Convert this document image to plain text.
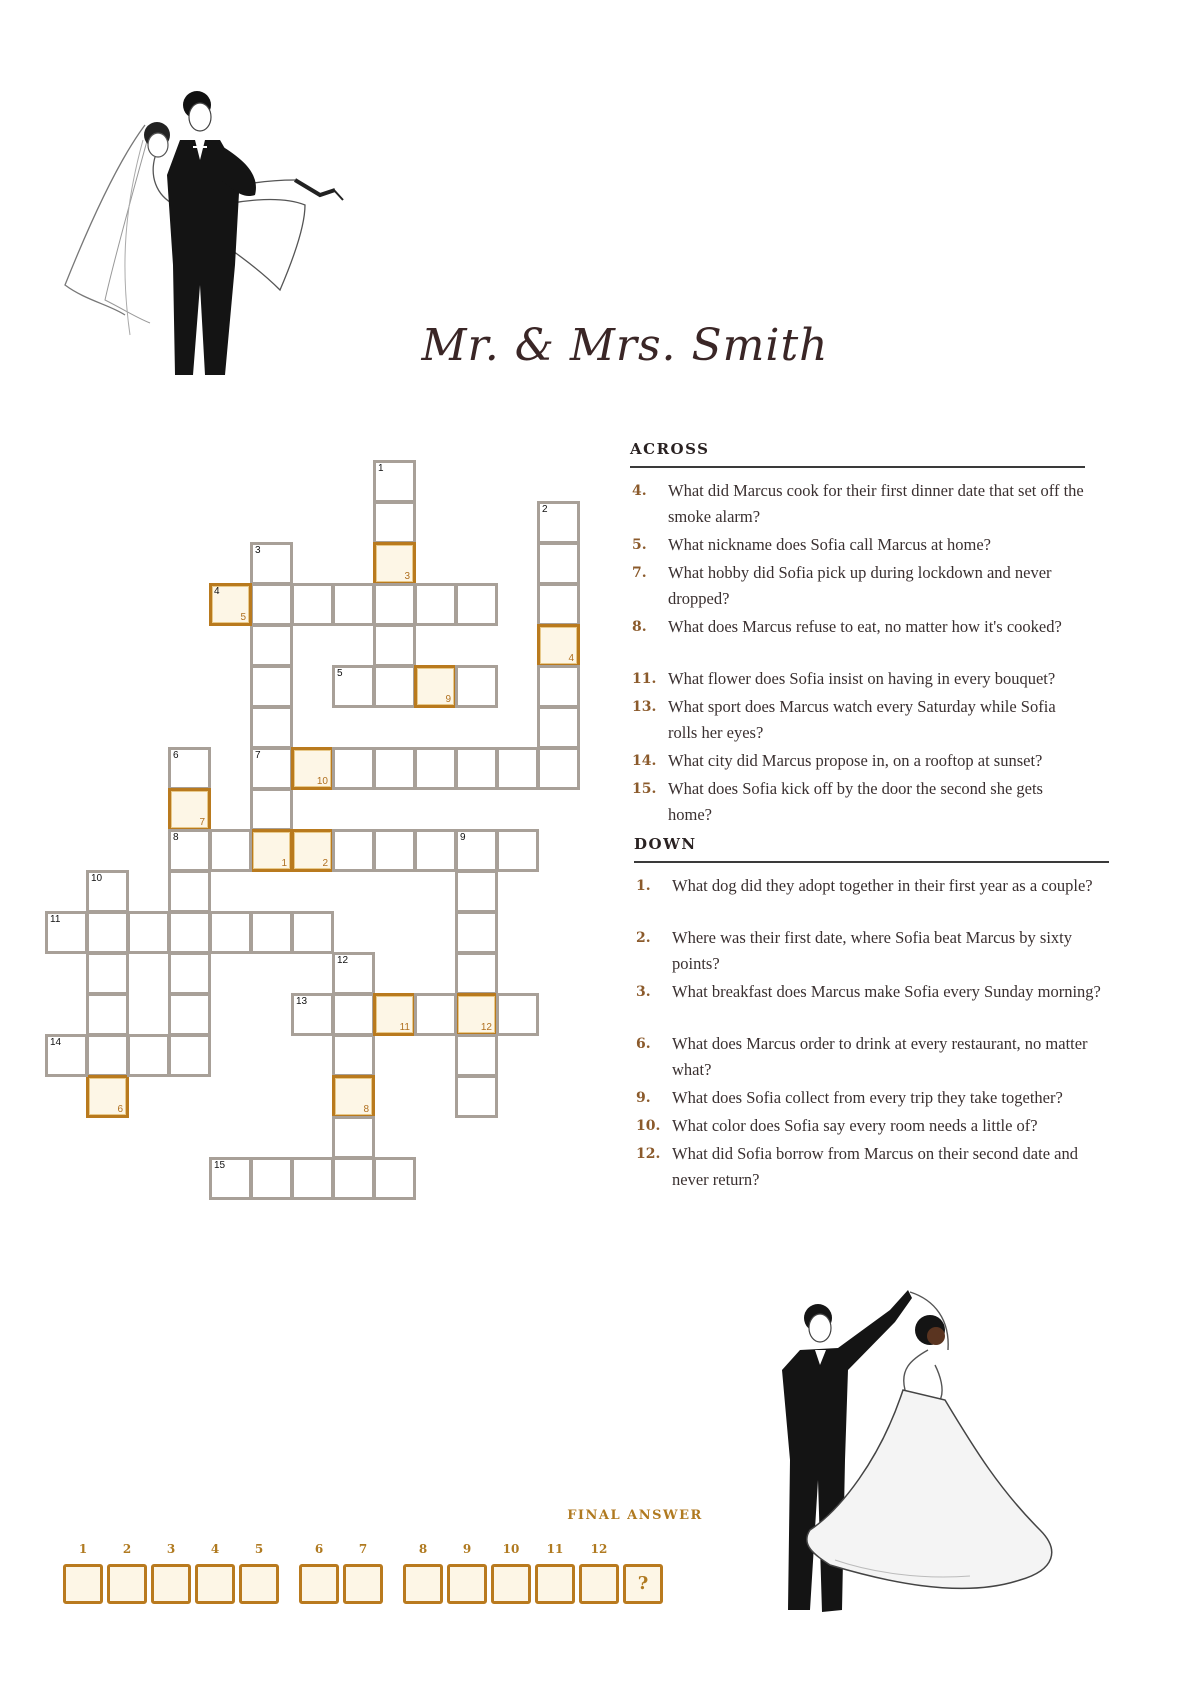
Mr. & Mrs. Smith
1
3
2
4
3
7
1
4
5
5
9
6
7
8
10
2
9
12
10
6
11
12
8
13
11
14
15
ACROSS
4. What did Marcus cook for their first dinner date that set off the smoke alarm?
5. What nickname does Sofia call Marcus at home?
7. What hobby did Sofia pick up during lockdown and never dropped?
8. What does Marcus refuse to eat, no matter how it's cooked?
11. What flower does Sofia insist on having in every bouquet?
13. What sport does Marcus watch every Saturday while Sofia rolls her eyes?
14. What city did Marcus propose in, on a rooftop at sunset?
15. What does Sofia kick off by the door the second she gets home?
DOWN
1. What dog did they adopt together in their first year as a couple?
2. Where was their first date, where Sofia beat Marcus by sixty points?
3. What breakfast does Marcus make Sofia every Sunday morning?
6. What does Marcus order to drink at every restaurant, no matter what?
9. What does Sofia collect from every trip they take together?
10. What color does Sofia say every room needs a little of?
12. What did Sofia borrow from Marcus on their second date and never return?
FINAL ANSWER
1	2	3	4	5	6	7	8	9	10	11	12
?
